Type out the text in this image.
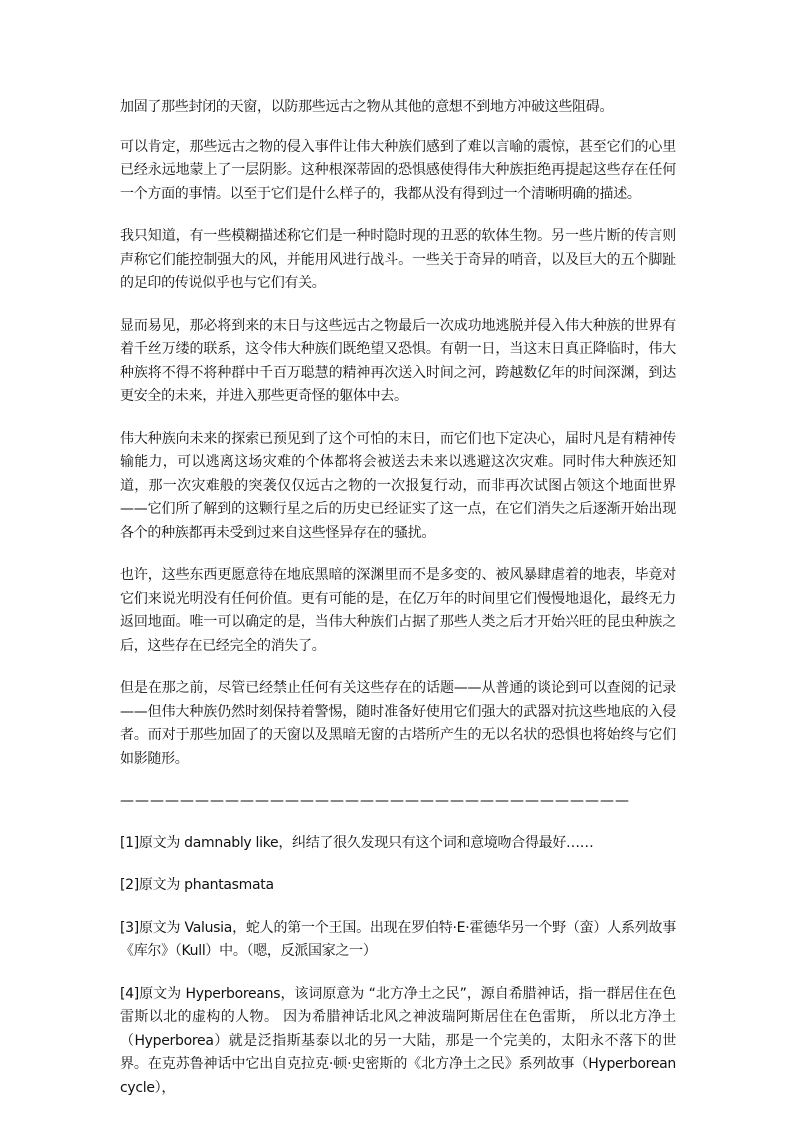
加固了那些封闭的天窗，以防那些远古之物从其他的意想不到地方冲破这些阻碍。

可以肯定，那些远古之物的侵入事件让伟大种族们感到了难以言喻的震惊，甚至它们的心里已经永远地蒙上了一层阴影。这种根深蒂固的恐惧感使得伟大种族拒绝再提起这些存在任何一个方面的事情。以至于它们是什么样子的，我都从没有得到过一个清晰明确的描述。

我只知道，有一些模糊描述称它们是一种时隐时现的丑恶的软体生物。另一些片断的传言则声称它们能控制强大的风，并能用风进行战斗。一些关于奇异的哨音，以及巨大的五个脚趾的足印的传说似乎也与它们有关。

显而易见，那必将到来的末日与这些远古之物最后一次成功地逃脱并侵入伟大种族的世界有着千丝万缕的联系，这令伟大种族们既绝望又恐惧。有朝一日，当这末日真正降临时，伟大种族将不得不将种群中千百万聪慧的精神再次送入时间之河，跨越数亿年的时间深渊，到达更安全的未来，并进入那些更奇怪的躯体中去。

伟大种族向未来的探索已预见到了这个可怕的末日，而它们也下定决心，届时凡是有精神传输能力，可以逃离这场灾难的个体都将会被送去未来以逃避这次灾难。同时伟大种族还知道，那一次灾难般的突袭仅仅远古之物的一次报复行动，而非再次试图占领这个地面世界——它们所了解到的这颗行星之后的历史已经证实了这一点，在它们消失之后逐渐开始出现各个的种族都再未受到过来自这些怪异存在的骚扰。

也许，这些东西更愿意待在地底黑暗的深渊里而不是多变的、被风暴肆虐着的地表，毕竟对它们来说光明没有任何价值。更有可能的是，在亿万年的时间里它们慢慢地退化，最终无力返回地面。唯一可以确定的是，当伟大种族们占据了那些人类之后才开始兴旺的昆虫种族之后，这些存在已经完全的消失了。

但是在那之前，尽管已经禁止任何有关这些存在的话题——从普通的谈论到可以查阅的记录——但伟大种族仍然时刻保持着警惕，随时准备好使用它们强大的武器对抗这些地底的入侵者。而对于那些加固了的天窗以及黑暗无窗的古塔所产生的无以名状的恐惧也将始终与它们如影随形。

——————————————————————————————————

[1]原文为 damnably like，纠结了很久发现只有这个词和意境吻合得最好……

[2]原文为 phantasmata

[3]原文为 Valusia，蛇人的第一个王国。出现在罗伯特·E·霍德华另一个野（蛮）人系列故事《库尔》（Kull）中。（嗯，反派国家之一）

[4]原文为 Hyperboreans，该词原意为 “北方净土之民”，源自希腊神话，指一群居住在色雷斯以北的虚构的人物。 因为希腊神话北风之神波瑞阿斯居住在色雷斯， 所以北方净土（Hyperborea）就是泛指斯基泰以北的另一大陆，那是一个完美的，太阳永不落下的世界。在克苏鲁神话中它出自克拉克·顿·史密斯的《北方净土之民》系列故事（Hyperborean cycle），
